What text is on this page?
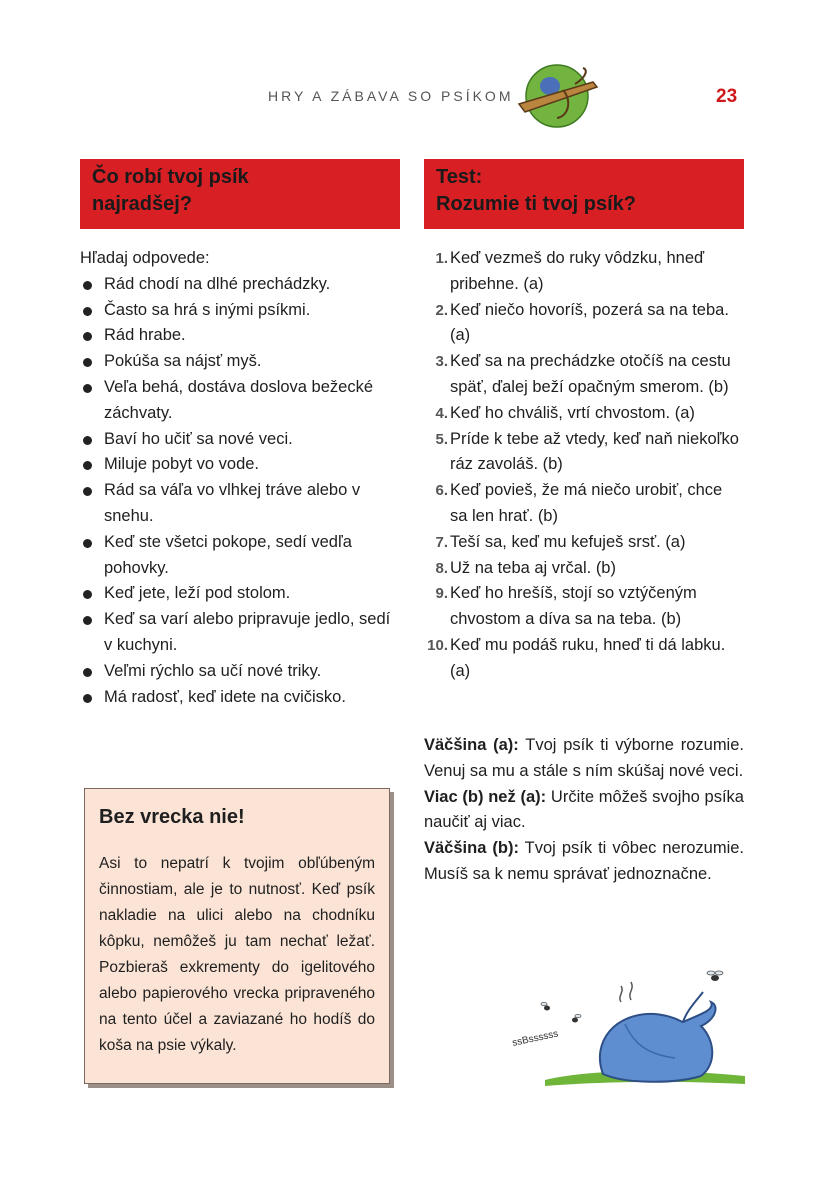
HRY A ZÁBAVA SO PSÍKOM	23
Čo robí tvoj psík
najradšej?
Test:
Rozumie ti tvoj psík?

Hľadaj odpovede:

Rád chodí na dlhé prechádzky.
Často sa hrá s inými psíkmi.
Rád hrabe.
Pokúša sa nájsť myš.
Veľa behá, dostáva doslova bežecké záchvaty.
Baví ho učiť sa nové veci.
Miluje pobyt vo vode.
Rád sa váľa vo vlhkej tráve alebo v snehu.
Keď ste všetci pokope, sedí vedľa pohovky.
Keď jete, leží pod stolom.
Keď sa varí alebo pripravuje jedlo, sedí v kuchyni.
Veľmi rýchlo sa učí nové triky.
Má radosť, keď idete na cvičisko.
1. Keď vezmeš do ruky vôdzku, hneď pribehne. (a)
2. Keď niečo hovoríš, pozerá sa na teba. (a)
3. Keď sa na prechádzke otočíš na cestu späť, ďalej beží opačným smerom. (b)
4. Keď ho chváliš, vrtí chvostom. (a)
5. Príde k tebe až vtedy, keď naň niekoľko ráz zavoláš. (b)
6. Keď povieš, že má niečo urobiť, chce sa len hrať. (b)
7. Teší sa, keď mu kefuješ srsť. (a)
8. Už na teba aj vrčal. (b)
9. Keď ho hrešíš, stojí so vztýčeným chvostom a díva sa na teba. (b)
10. Keď mu podáš ruku, hneď ti dá labku. (a)

Väčšina (a): Tvoj psík ti výborne rozumie. Venuj sa mu a stále s ním skúšaj nové veci.

Viac (b) než (a): Určite môžeš svojho psíka naučiť aj viac.

Väčšina (b): Tvoj psík ti vôbec nerozumie. Musíš sa k nemu správať jednoznačne.

Bez vrecka nie!

Asi to nepatrí k tvojim obľúbeným činnostiam, ale je to nutnosť. Keď psík nakladie na ulici alebo na chodníku kôpku, nemôžeš ju tam nechať ležať. Pozbieraš exkrementy do igelitového alebo papierového vrecka pripraveného na tento účel a zaviazané ho hodíš do koša na psie výkaly.	ssBssssss
